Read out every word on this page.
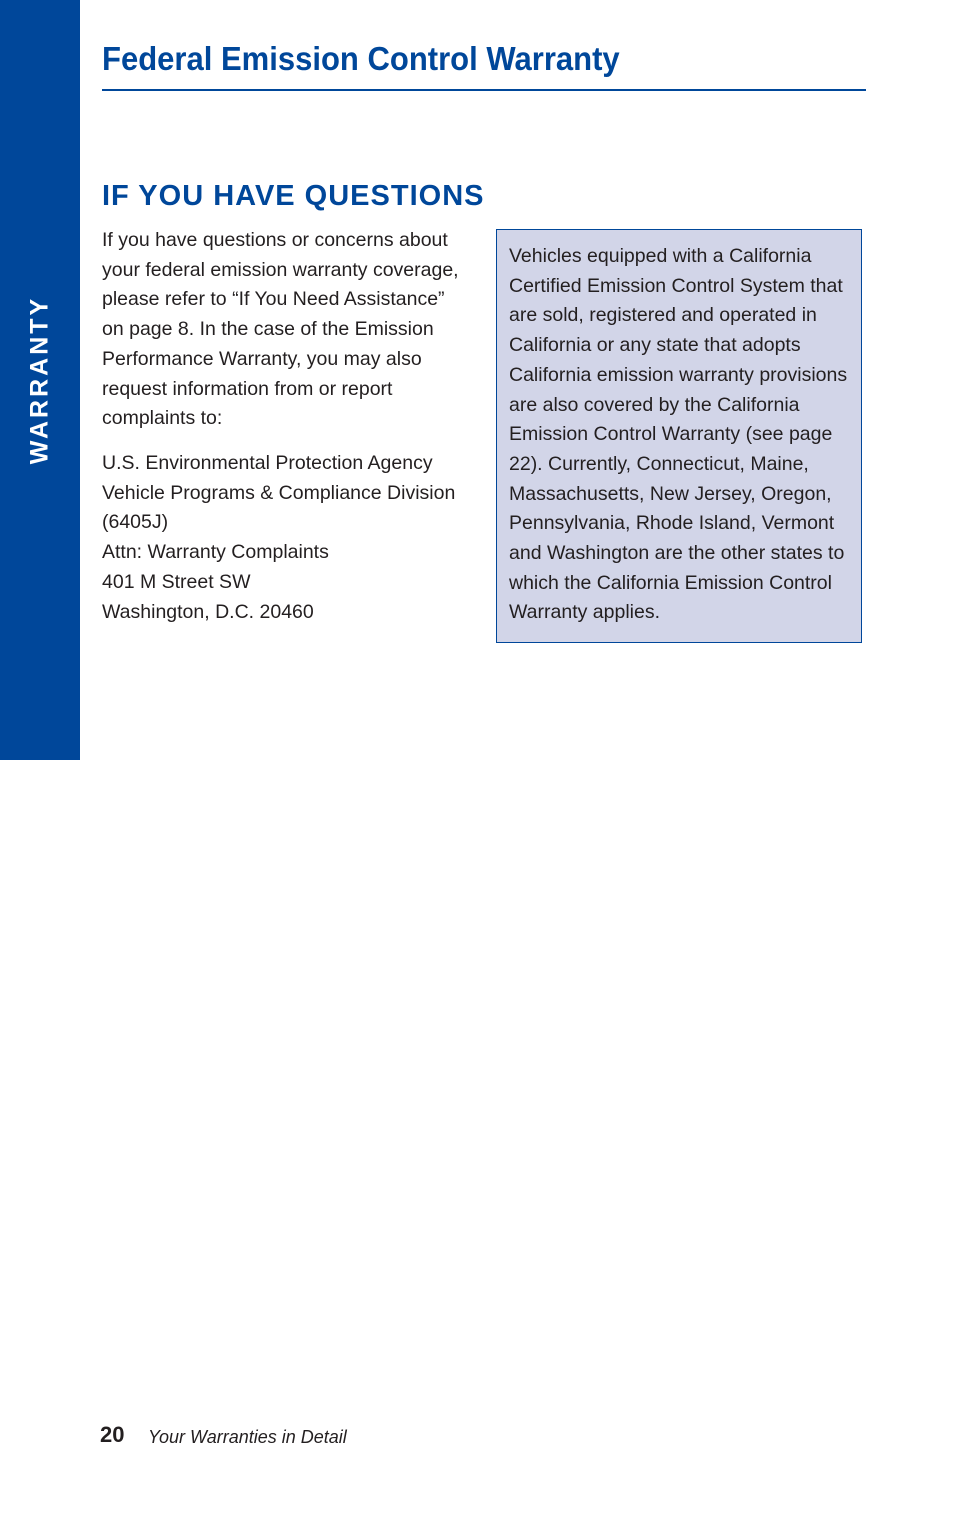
WARRANTY
Federal Emission Control Warranty
IF YOU HAVE QUESTIONS

If you have questions or concerns about your federal emission warranty coverage, please refer to “If You Need Assistance” on page 8. In the case of the Emission Performance Warranty, you may also request information from or report complaints to:

U.S. Environmental Protection Agency
Vehicle Programs & Compliance Division
(6405J)
Attn: Warranty Complaints
401 M Street SW
Washington, D.C. 20460

Vehicles equipped with a California Certified Emission Control System that are sold, registered and operated in California or any state that adopts California emission warranty provisions are also covered by the California Emission Control Warranty (see page 22). Currently, Connecticut, Maine, Massachusetts, New Jersey, Oregon, Pennsylvania, Rhode Island, Vermont and Washington are the other states to which the California Emission Control Warranty applies.

20 Your Warranties in Detail
